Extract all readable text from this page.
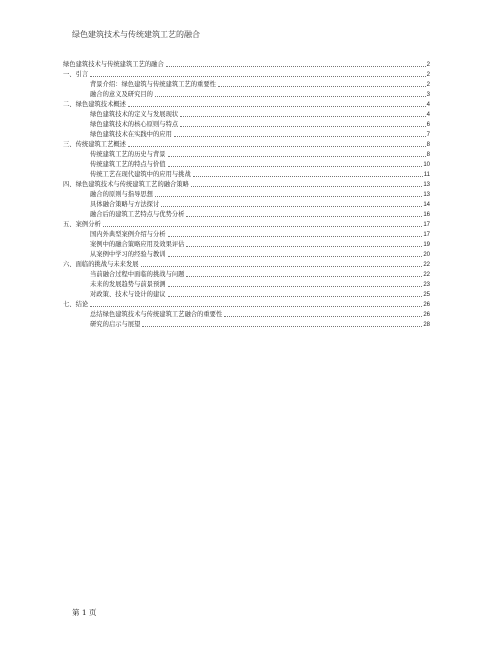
绿色建筑技术与传统建筑工艺的融合
绿色建筑技术与传统建筑工艺的融合	2
一、引言	2
背景介绍：绿色建筑与传统建筑工艺的重要性	2
融合的意义及研究目的	3
二、绿色建筑技术概述	4
绿色建筑技术的定义与发展现状	4
绿色建筑技术的核心原则与特点	6
绿色建筑技术在实践中的应用	7
三、传统建筑工艺概述	8
传统建筑工艺的历史与背景	8
传统建筑工艺的特点与价值	10
传统工艺在现代建筑中的应用与挑战	11
四、绿色建筑技术与传统建筑工艺的融合策略	13
融合的原则与指导思想	13
具体融合策略与方法探讨	14
融合后的建筑工艺特点与优势分析	16
五、案例分析	17
国内外典型案例介绍与分析	17
案例中的融合策略应用及效果评估	19
从案例中学习的经验与教训	20
六、面临的挑战与未来发展	22
当前融合过程中面临的挑战与问题	22
未来的发展趋势与前景预测	23
对政策、技术与设计的建议	25
七、结论	26
总结绿色建筑技术与传统建筑工艺融合的重要性	26
研究的启示与展望	28
第 1 页
